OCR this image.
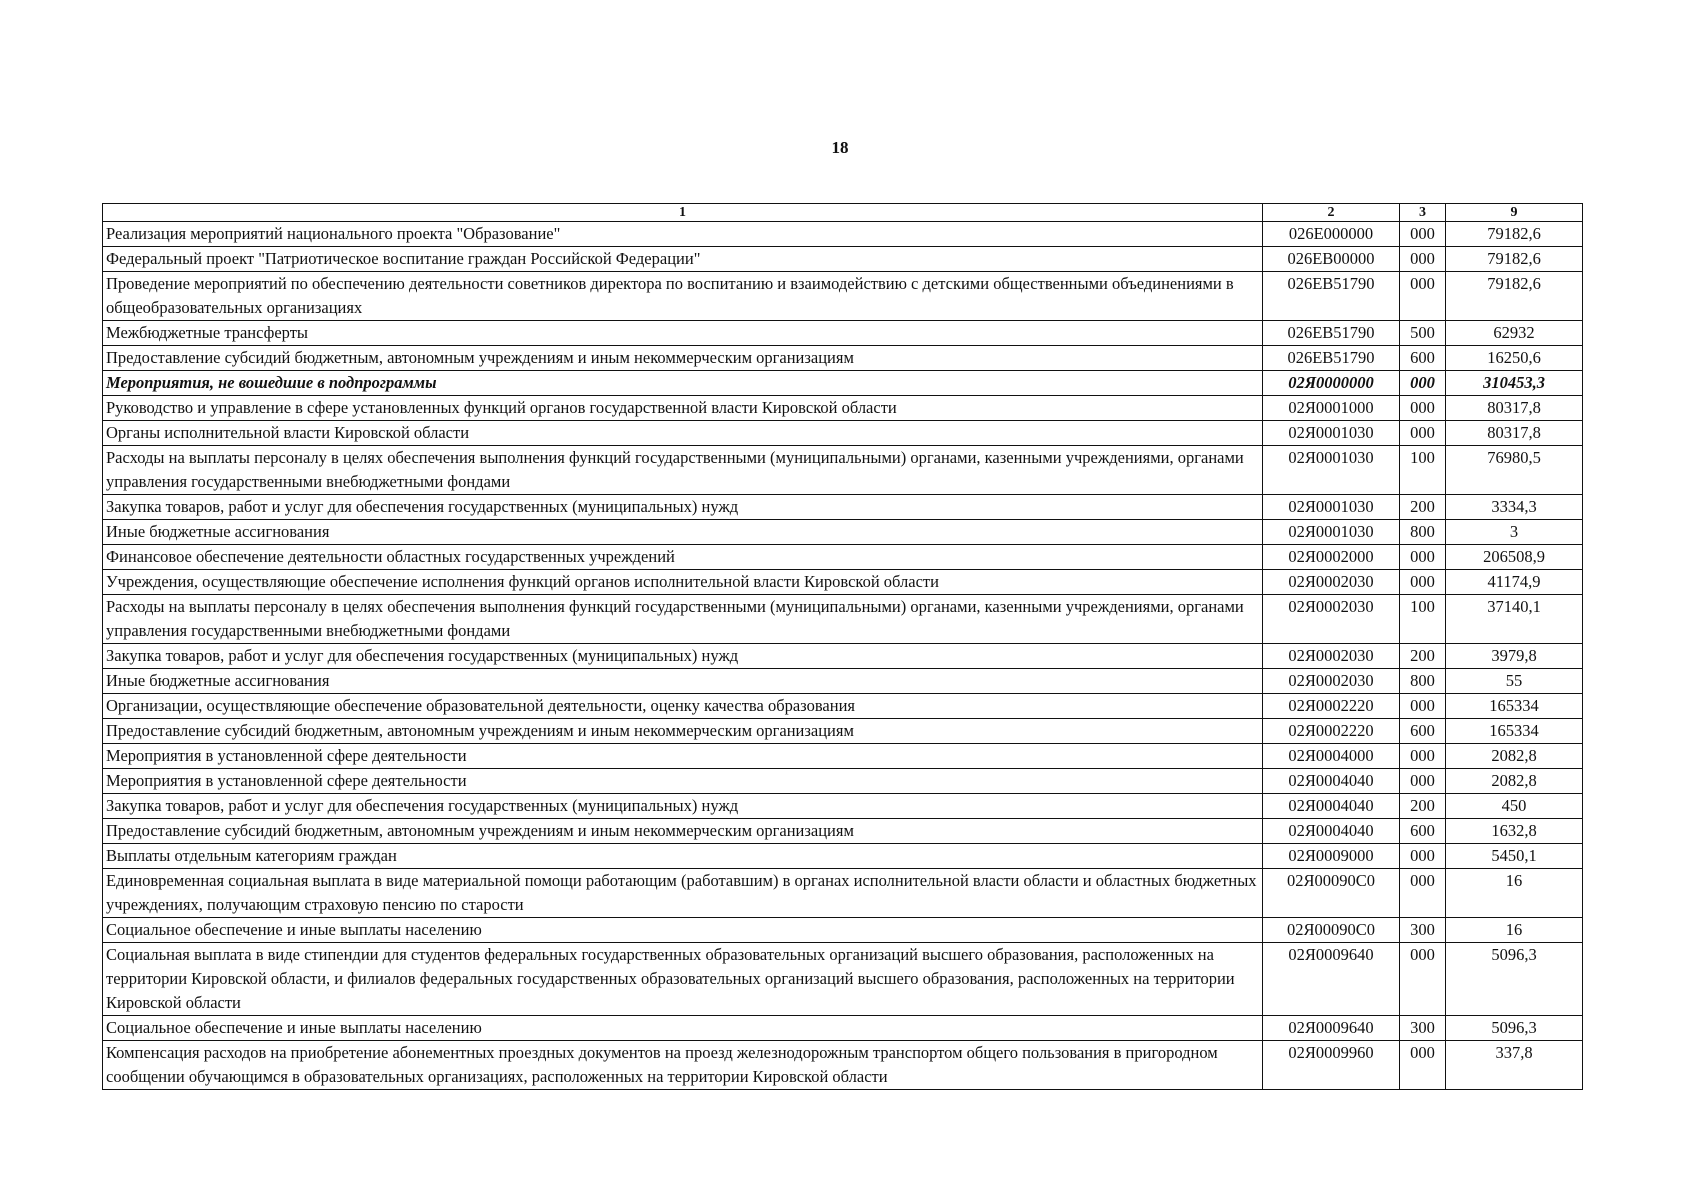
18
1	2	3	9
Реализация мероприятий национального проекта "Образование"	026E000000	000	79182,6
Федеральный проект "Патриотическое воспитание граждан Российской Федерации"	026EB00000	000	79182,6
Проведение мероприятий по обеспечению деятельности советников директора по воспитанию и взаимодействию с детскими общественными объединениями в общеобразовательных организациях	026EB51790	000	79182,6
Межбюджетные трансферты	026EB51790	500	62932
Предоставление субсидий бюджетным, автономным учреждениям и иным некоммерческим организациям	026EB51790	600	16250,6
Мероприятия, не вошедшие в подпрограммы	02Я0000000	000	310453,3
Руководство и управление в сфере установленных функций органов государственной власти Кировской области	02Я0001000	000	80317,8
Органы исполнительной власти Кировской области	02Я0001030	000	80317,8
Расходы на выплаты персоналу в целях обеспечения выполнения функций государственными (муниципальными) органами, казенными учреждениями, органами управления государственными внебюджетными фондами	02Я0001030	100	76980,5
Закупка товаров, работ и услуг для обеспечения государственных (муниципальных) нужд	02Я0001030	200	3334,3
Иные бюджетные ассигнования	02Я0001030	800	3
Финансовое обеспечение деятельности областных государственных учреждений	02Я0002000	000	206508,9
Учреждения, осуществляющие обеспечение исполнения функций органов исполнительной власти Кировской области	02Я0002030	000	41174,9
Расходы на выплаты персоналу в целях обеспечения выполнения функций государственными (муниципальными) органами, казенными учреждениями, органами управления государственными внебюджетными фондами	02Я0002030	100	37140,1
Закупка товаров, работ и услуг для обеспечения государственных (муниципальных) нужд	02Я0002030	200	3979,8
Иные бюджетные ассигнования	02Я0002030	800	55
Организации, осуществляющие обеспечение образовательной деятельности, оценку качества образования	02Я0002220	000	165334
Предоставление субсидий бюджетным, автономным учреждениям и иным некоммерческим организациям	02Я0002220	600	165334
Мероприятия в установленной сфере деятельности	02Я0004000	000	2082,8
Мероприятия в установленной сфере деятельности	02Я0004040	000	2082,8
Закупка товаров, работ и услуг для обеспечения государственных (муниципальных) нужд	02Я0004040	200	450
Предоставление субсидий бюджетным, автономным учреждениям и иным некоммерческим организациям	02Я0004040	600	1632,8
Выплаты отдельным категориям граждан	02Я0009000	000	5450,1
Единовременная социальная выплата в виде материальной помощи работающим (работавшим) в органах исполнительной власти области и областных бюджетных учреждениях, получающим страховую пенсию по старости	02Я00090С0	000	16
Социальное обеспечение и иные выплаты населению	02Я00090С0	300	16
Социальная выплата в виде стипендии для студентов федеральных государственных образовательных организаций высшего образования, расположенных на территории Кировской области, и филиалов федеральных государственных образовательных организаций высшего образования, расположенных на территории Кировской области	02Я0009640	000	5096,3
Социальное обеспечение и иные выплаты населению	02Я0009640	300	5096,3
Компенсация расходов на приобретение абонементных проездных документов на проезд железнодорожным транспортом общего пользования в пригородном сообщении обучающимся в образовательных организациях, расположенных на территории Кировской области	02Я0009960	000	337,8
